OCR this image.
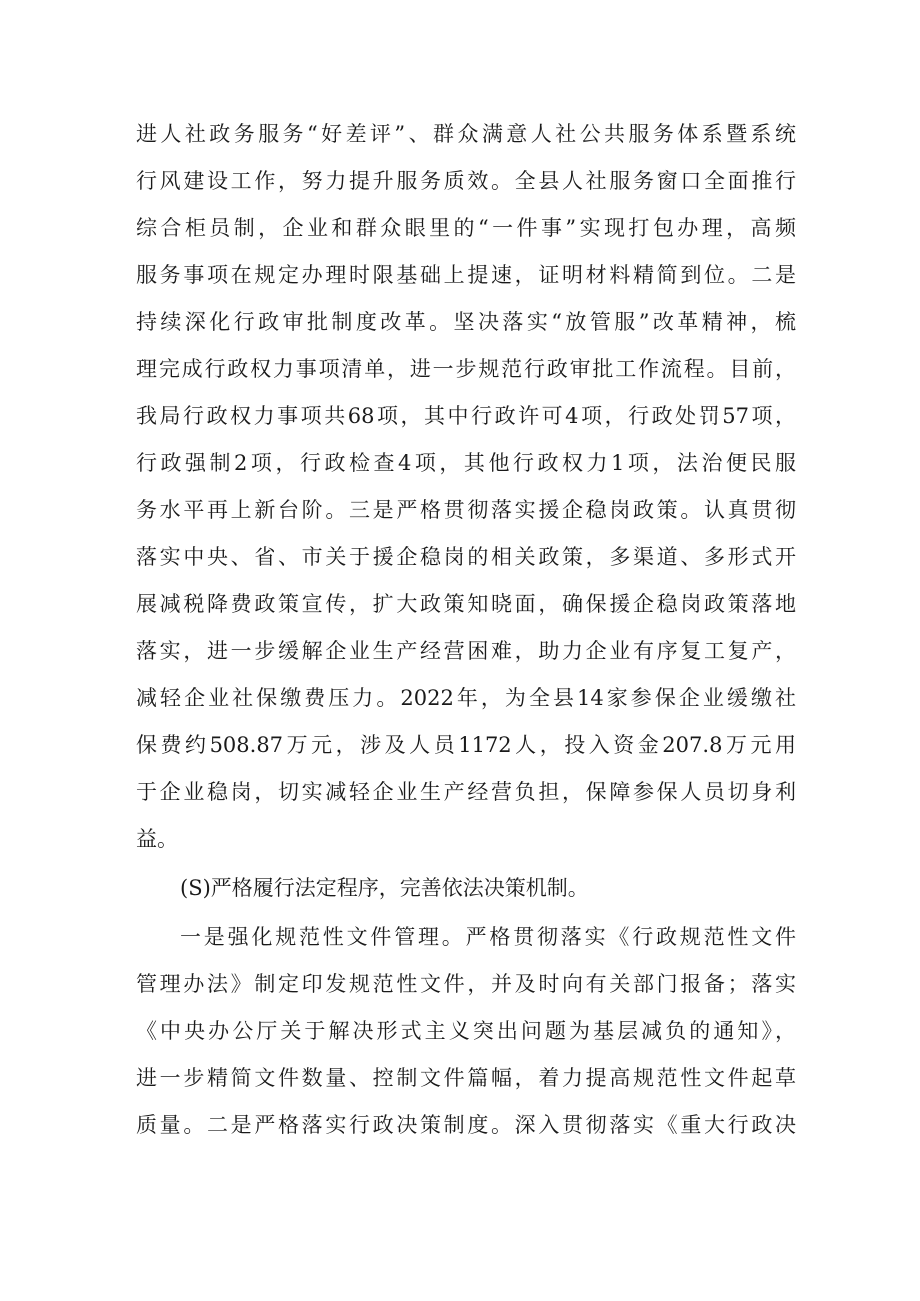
进人社政务服务“好差评”、群众满意人社公共服务体系暨系统
行风建设工作，努力提升服务质效。全县人社服务窗口全面推行
综合柜员制，企业和群众眼里的“一件事”实现打包办理，高频
服务事项在规定办理时限基础上提速，证明材料精简到位。二是
持续深化行政审批制度改革。坚决落实“放管服”改革精神，梳
理完成行政权力事项清单，进一步规范行政审批工作流程。目前，
我局行政权力事项共68项，其中行政许可4项，行政处罚57项，
行政强制2项，行政检查4项，其他行政权力1项，法治便民服
务水平再上新台阶。三是严格贯彻落实援企稳岗政策。认真贯彻
落实中央、省、市关于援企稳岗的相关政策，多渠道、多形式开
展减税降费政策宣传，扩大政策知晓面，确保援企稳岗政策落地
落实，进一步缓解企业生产经营困难，助力企业有序复工复产，
减轻企业社保缴费压力。2022年，为全县14家参保企业缓缴社
保费约508.87万元，涉及人员1172人，投入资金207.8万元用
于企业稳岗，切实减轻企业生产经营负担，保障参保人员切身利
益。
(S)严格履行法定程序，完善依法决策机制。
一是强化规范性文件管理。严格贯彻落实《行政规范性文件
管理办法》制定印发规范性文件，并及时向有关部门报备；落实
《中央办公厅关于解决形式主义突出问题为基层减负的通知》，
进一步精简文件数量、控制文件篇幅，着力提高规范性文件起草
质量。二是严格落实行政决策制度。深入贯彻落实《重大行政决
